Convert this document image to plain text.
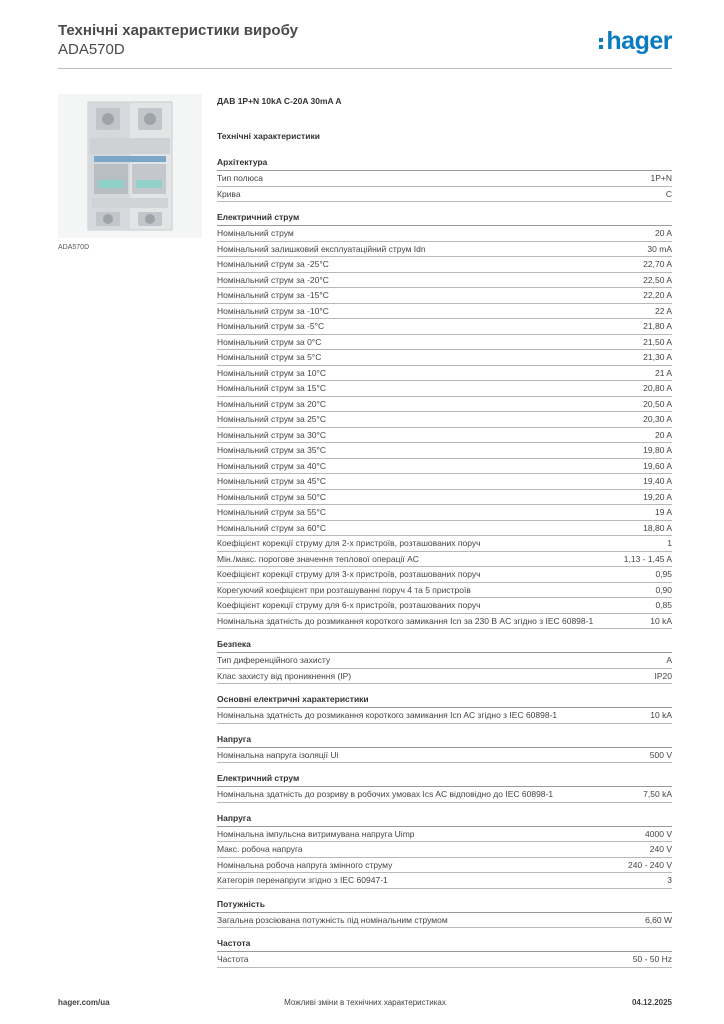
Технічні характеристики виробу
ADA570D	hager
ADA570D
ДАВ 1P+N 10kA C-20A 30mA A
Технічні характеристики
Архітектура
Тип полюса	1P+N
Крива	C
Електричний струм
Номінальний струм	20 A
Номінальний залишковий експлуатаційний струм Idn	30 mA
Номінальний струм за -25°C	22,70 A
Номінальний струм за -20°C	22,50 A
Номінальний струм за -15°C	22,20 A
Номінальний струм за -10°C	22 A
Номінальний струм за -5°C	21,80 A
Номінальний струм за 0°C	21,50 A
Номінальний струм за 5°C	21,30 A
Номінальний струм за 10°C	21 A
Номінальний струм за 15°C	20,80 A
Номінальний струм за 20°C	20,50 A
Номінальний струм за 25°C	20,30 A
Номінальний струм за 30°C	20 A
Номінальний струм за 35°C	19,80 A
Номінальний струм за 40°C	19,60 A
Номінальний струм за 45°C	19,40 A
Номінальний струм за 50°C	19,20 A
Номінальний струм за 55°C	19 A
Номінальний струм за 60°C	18,80 A
Коефіцієнт корекції струму для 2-х пристроїв, розташованих поруч	1
Мін./макс. порогове значення теплової операції AC	1,13 - 1,45 A
Коефіцієнт корекції струму для 3-х пристроїв, розташованих поруч	0,95
Корегуючий коефіцієнт при розташуванні поруч 4 та 5 пристроїв	0,90
Коефіцієнт корекції струму для 6-х пристроїв, розташованих поруч	0,85
Номінальна здатність до розмикання короткого замикання Icn за 230 В AC згідно з IEC 60898-1	10 kA
Безпека
Тип диференційного захисту	A
Клас захисту від проникнення (IP)	IP20
Основні електричні характеристики
Номінальна здатність до розмикання короткого замикання Icn AC згідно з IEC 60898-1	10 kA
Напруга
Номінальна напруга ізоляції Ui	500 V
Електричний струм
Номінальна здатність до розриву в робочих умовах Ics AC відповідно до IEC 60898-1	7,50 kA
Напруга
Номінальна імпульсна витримувана напруга Uimp	4000 V
Макс. робоча напруга	240 V
Номінальна робоча напруга змінного струму	240 - 240 V
Категорія перенапруги згідно з IEC 60947-1	3
Потужність
Загальна розсіювана потужність під номінальним струмом	6,60 W
Частота
Частота	50 - 50 Hz
hager.com/ua	Можливі зміни в технічних характеристиках	04.12.2025
